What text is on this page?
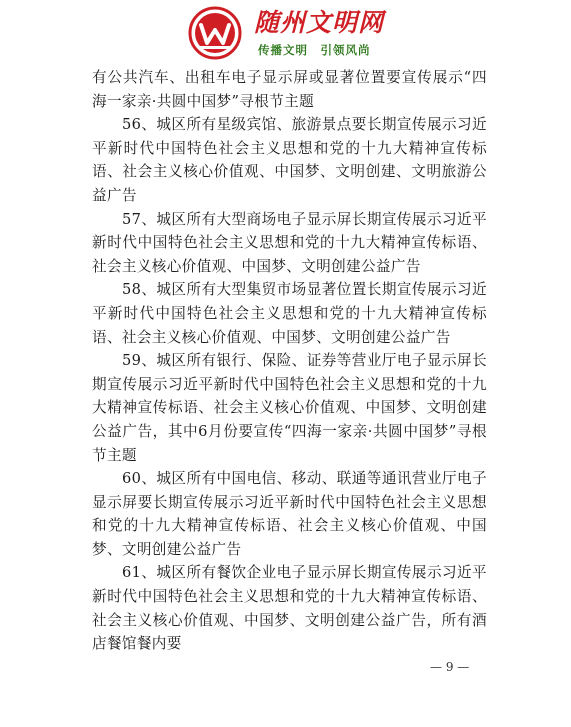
随州文明网
传播文明　引领风尚

有公共汽车、出租车电子显示屏或显著位置要宣传展示“四海一家亲·共圆中国梦”寻根节主题

56、城区所有星级宾馆、旅游景点要长期宣传展示习近平新时代中国特色社会主义思想和党的十九大精神宣传标语、社会主义核心价值观、中国梦、文明创建、文明旅游公益广告

57、城区所有大型商场电子显示屏长期宣传展示习近平新时代中国特色社会主义思想和党的十九大精神宣传标语、社会主义核心价值观、中国梦、文明创建公益广告

58、城区所有大型集贸市场显著位置长期宣传展示习近平新时代中国特色社会主义思想和党的十九大精神宣传标语、社会主义核心价值观、中国梦、文明创建公益广告

59、城区所有银行、保险、证券等营业厅电子显示屏长期宣传展示习近平新时代中国特色社会主义思想和党的十九大精神宣传标语、社会主义核心价值观、中国梦、文明创建公益广告，其中6月份要宣传“四海一家亲·共圆中国梦”寻根节主题

60、城区所有中国电信、移动、联通等通讯营业厅电子显示屏要长期宣传展示习近平新时代中国特色社会主义思想和党的十九大精神宣传标语、社会主义核心价值观、中国梦、文明创建公益广告

61、城区所有餐饮企业电子显示屏长期宣传展示习近平新时代中国特色社会主义思想和党的十九大精神宣传标语、社会主义核心价值观、中国梦、文明创建公益广告，所有酒店餐馆餐内要

— 9 —
